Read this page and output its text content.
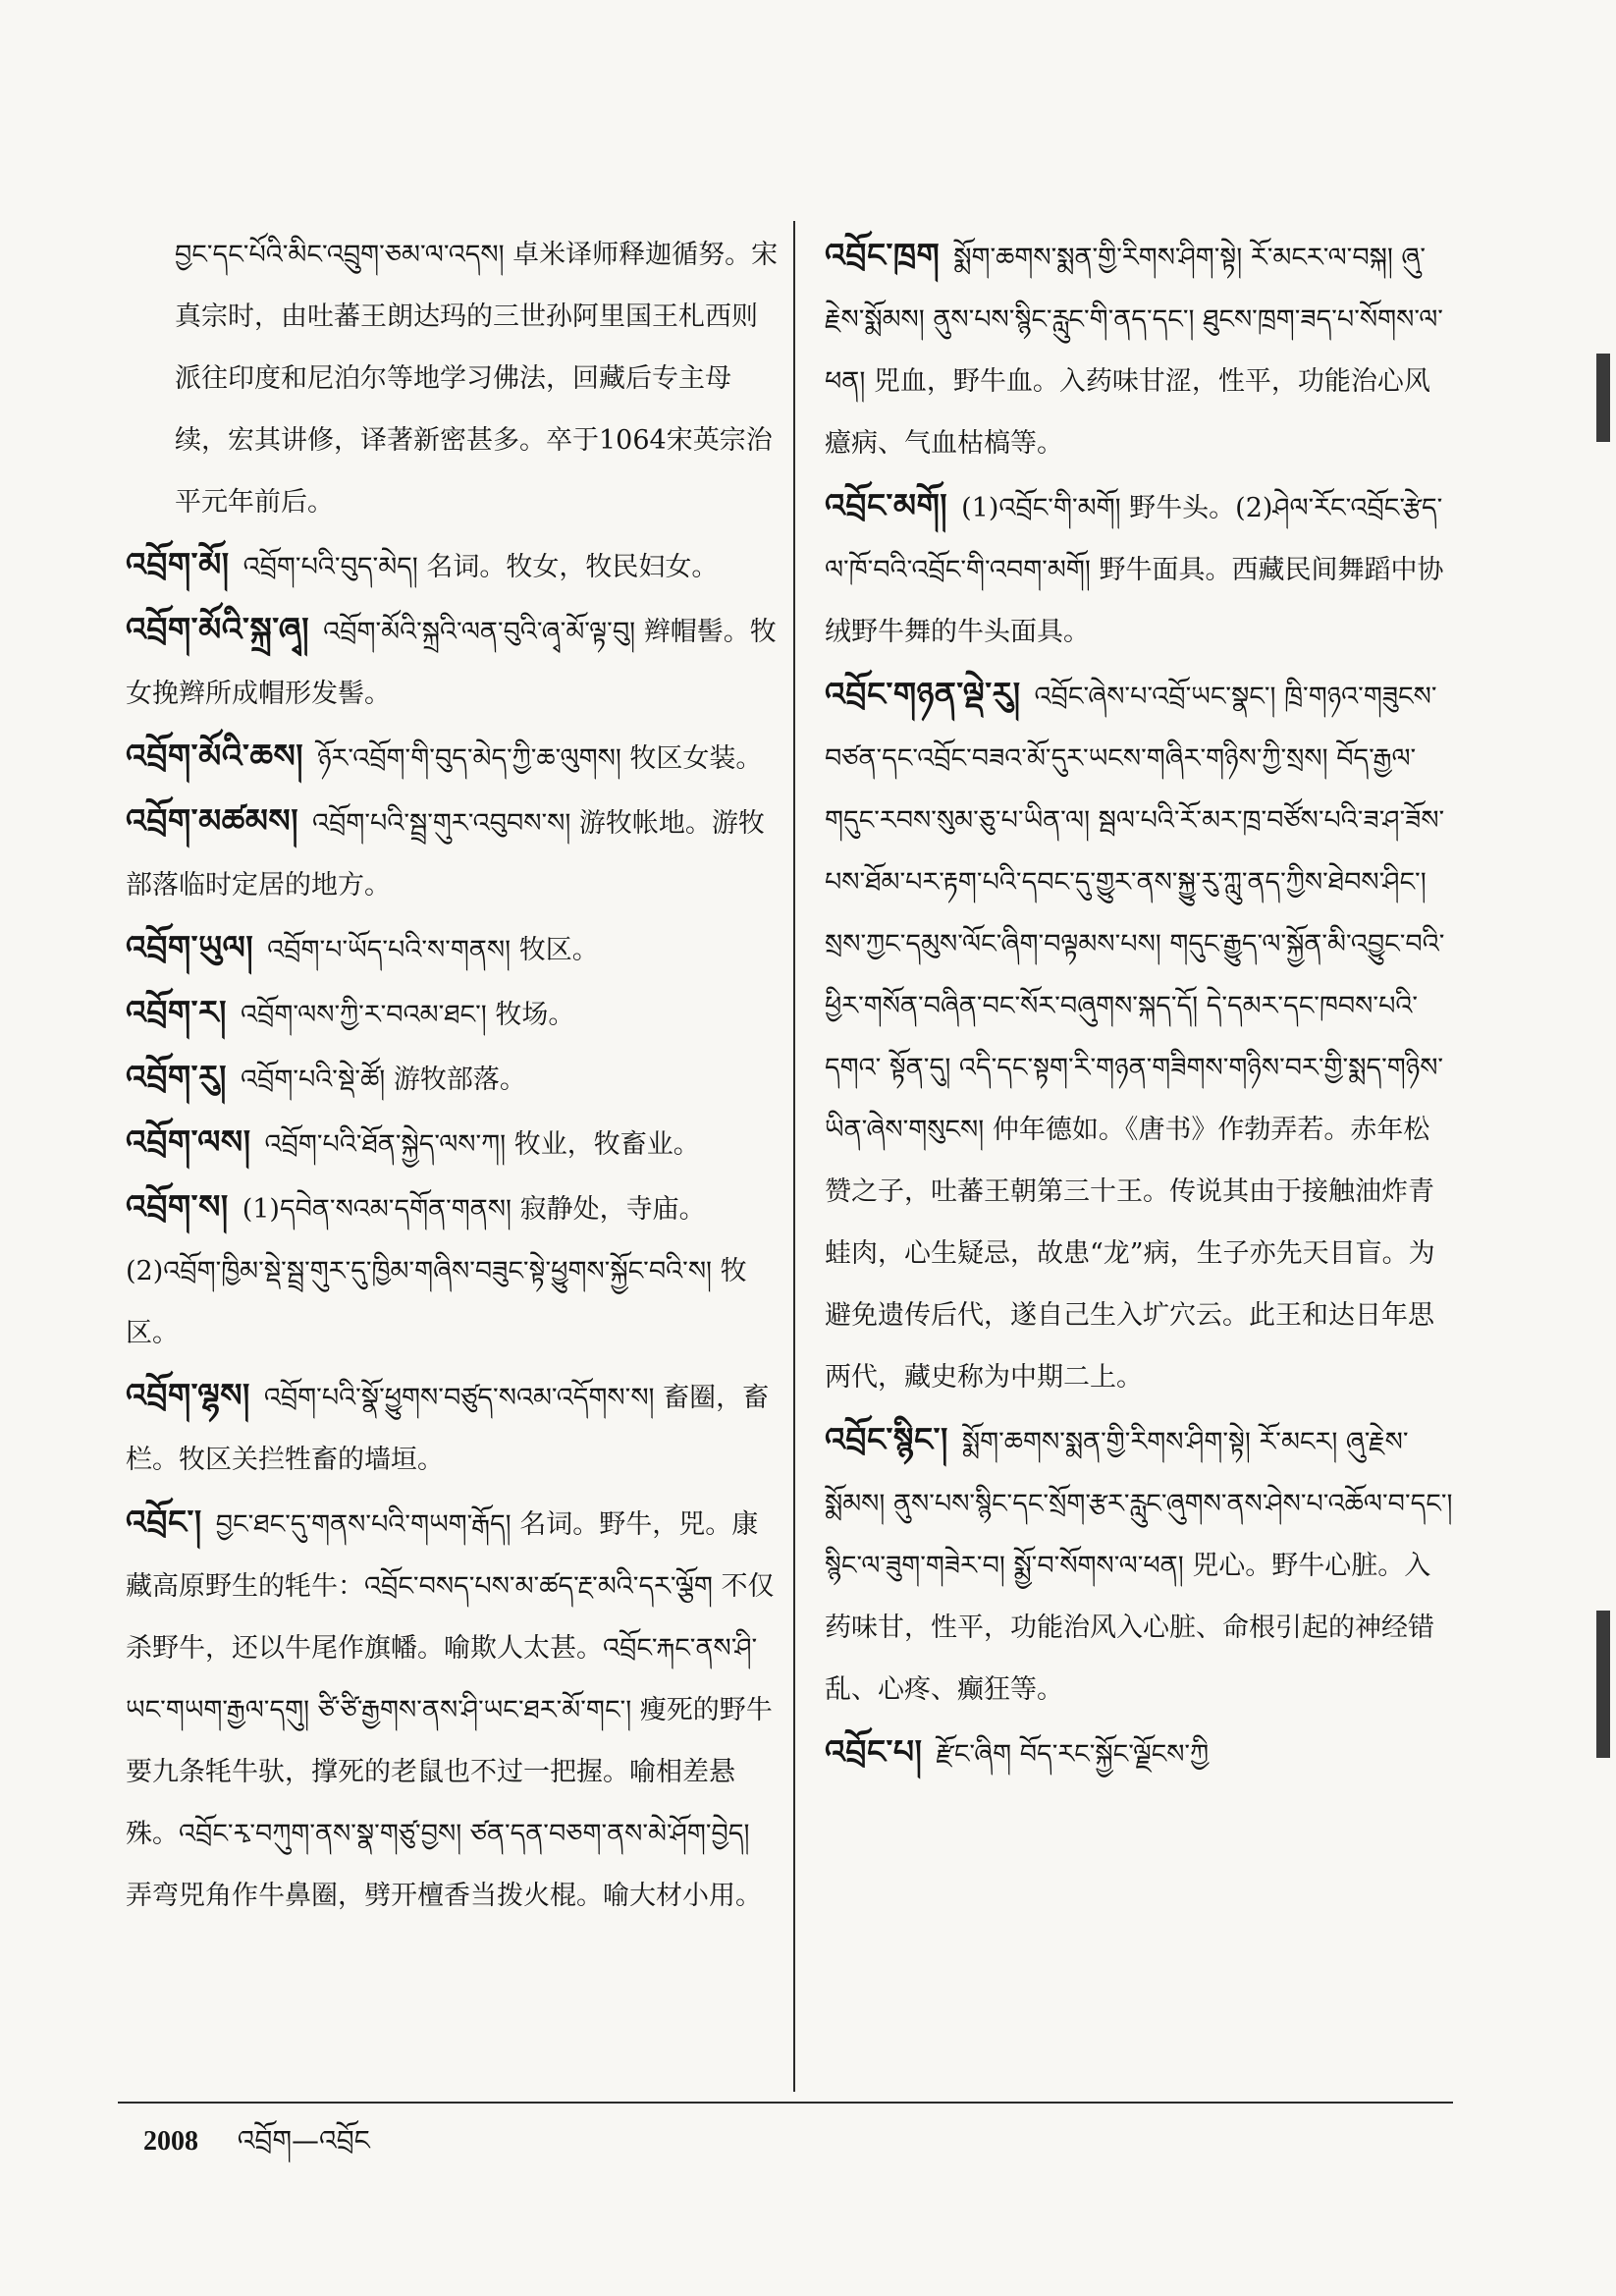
བྱང་དང་པོའི་མིང་འབྲུག་ཅམ་ལ་འདས། 卓米译师释迦循努。宋真宗时，由吐蕃王朗达玛的三世孙阿里国王札西则派往印度和尼泊尔等地学习佛法，回藏后专主母续，宏其讲修，译著新密甚多。卒于1064宋英宗治平元年前后。
འབྲོག་མོ། འབྲོག་པའི་བུད་མེད། 名词。牧女，牧民妇女。
འབྲོག་མོའི་སྐྲ་ཞྭ། འབྲོག་མོའི་སྐྲའི་ལན་བུའི་ཞྭ་མོ་ལྟ་བུ། 辫帽髻。牧女挽辫所成帽形发髻。
འབྲོག་མོའི་ཆས། ཉོར་འབྲོག་གི་བུད་མེད་ཀྱི་ཆ་ལུགས། 牧区女装。
འབྲོག་མཚམས། འབྲོག་པའི་སྦྲ་གུར་འབུབས་ས། 游牧帐地。游牧部落临时定居的地方。
འབྲོག་ཡུལ། འབྲོག་པ་ཡོད་པའི་ས་གནས། 牧区。
འབྲོག་ར། འབྲོག་ལས་ཀྱི་ར་བའམ་ཐང་། 牧场。
འབྲོག་རུ། འབྲོག་པའི་སྡེ་ཚོ། 游牧部落。
འབྲོག་ལས། འབྲོག་པའི་ཐོན་སྐྱེད་ལས་ཀ། 牧业，牧畜业。
འབྲོག་ས། (1)དབེན་སའམ་དགོན་གནས། 寂静处，寺庙。(2)འབྲོག་ཁྱིམ་སྡེ་སྦྲ་གུར་དུ་ཁྱིམ་གཞིས་བཟུང་སྟེ་ཕྱུགས་སྐྱོང་བའི་ས། 牧区。
འབྲོག་ལྷས། འབྲོག་པའི་སྣོ་ཕྱུགས་བཙུད་སའམ་འདོགས་ས། 畜圈，畜栏。牧区关拦牲畜的墙垣。
འབྲོང་། བྱང་ཐང་དུ་གནས་པའི་གཡག་རྒོད། 名词。野牛，兕。康藏高原野生的牦牛：འབྲོང་བསད་པས་མ་ཚད་རྔ་མའི་དར་ལྕོག 不仅杀野牛，还以牛尾作旗幡。喻欺人太甚。འབྲོང་རྐང་ནས་ཤི་ཡང་གཡག་རྒྱལ་དགུ། ཙི་ཙི་རྒྱགས་ནས་ཤི་ཡང་ཐར་མོ་གང་། 瘦死的野牛要九条牦牛驮，撑死的老鼠也不过一把握。喻相差悬殊。འབྲོང་རྭ་བཀུག་ནས་སྣ་གཙུ་བྱས། ཙན་དན་བཅག་ནས་མེ་ཤོག་བྱེད། 弄弯兕角作牛鼻圈，劈开檀香当拨火棍。喻大材小用。
འབྲོང་ཁྲག སྨོག་ཆགས་སྨན་གྱི་རིགས་ཤིག་སྟེ། རོ་མངར་ལ་བསྐ། ཞུ་རྗེས་སྨོམས། ནུས་པས་སྙིང་རླུང་གི་ནད་དང་། ཐུངས་ཁྲག་ཟད་པ་སོགས་ལ་ཕན། 兕血，野牛血。入药味甘涩，性平，功能治心风癔病、气血枯槁等。
འབྲོང་མགོ། (1)འབྲོང་གི་མགོ། 野牛头。(2)ཤེལ་རོང་འབྲོང་རྩེད་ལ་ཁོ་བའི་འབྲོང་གི་འབག་མགོ། 野牛面具。西藏民间舞蹈中协绒野牛舞的牛头面具。
འབྲོང་གཉན་ལྡེ་རུ། འབྲོང་ཞེས་པ་འབྲོ་ཡང་སྣང་། ཁྲི་གཉའ་གཟུངས་བཙན་དང་འབྲོང་བཟའ་མོ་དུར་ཡངས་གཞིར་གཉིས་ཀྱི་སྲས། བོད་རྒྱལ་གདུང་རབས་སུམ་ཅུ་པ་ཡིན་ལ། སྦལ་པའི་རོ་མར་ཁྲ་བཙོས་པའི་ཟ་ཤ་ཟོས་པས་ཐོམ་པར་རྟག་པའི་དབང་དུ་གྱུར་ནས་སྐྱུ་རུ་ཀླུ་ནད་ཀྱིས་ཐེབས་ཤིང་། སྲས་ཀྱང་དམུས་ལོང་ཞིག་བལྟམས་པས། གདུང་རྒྱུད་ལ་སྐྱོན་མི་འབྱུང་བའི་ཕྱིར་གསོན་བཞིན་བང་སོར་བཞུགས་སྐད་དོ། དེ་དམར་དང་ཁབས་པའི་དགའ་ སྟོན་དུ། འདི་དང་སྟག་རི་གཉན་གཟིགས་གཉིས་བར་གྱི་སྨད་གཉིས་ཡིན་ཞེས་གསུངས། 仲年德如。《唐书》作勃弄若。赤年松赞之子，吐蕃王朝第三十王。传说其由于接触油炸青蛙肉，心生疑忌，故患“龙”病，生子亦先天目盲。为避免遗传后代，遂自己生入圹穴云。此王和达日年思两代，藏史称为中期二上。
འབྲོང་སྙིང་། སྨོག་ཆགས་སྨན་གྱི་རིགས་ཤིག་སྟེ། རོ་མངར། ཞུ་རྗེས་སྨོམས། ནུས་པས་སྙིང་དང་སྲོག་རྩར་རླུང་ཞུགས་ནས་ཤེས་པ་འཆོལ་བ་དང་། སྙིང་ལ་ཟུག་གཟེར་བ། སྨྱོ་བ་སོགས་ལ་ཕན། 兕心。野牛心脏。入药味甘，性平，功能治风入心脏、命根引起的神经错乱、心疼、癫狂等。
འབྲོང་པ། རྫོང་ཞིག བོད་རང་སྐྱོང་ལྗོངས་ཀྱི
2008 འབྲོག—འབྲོང
